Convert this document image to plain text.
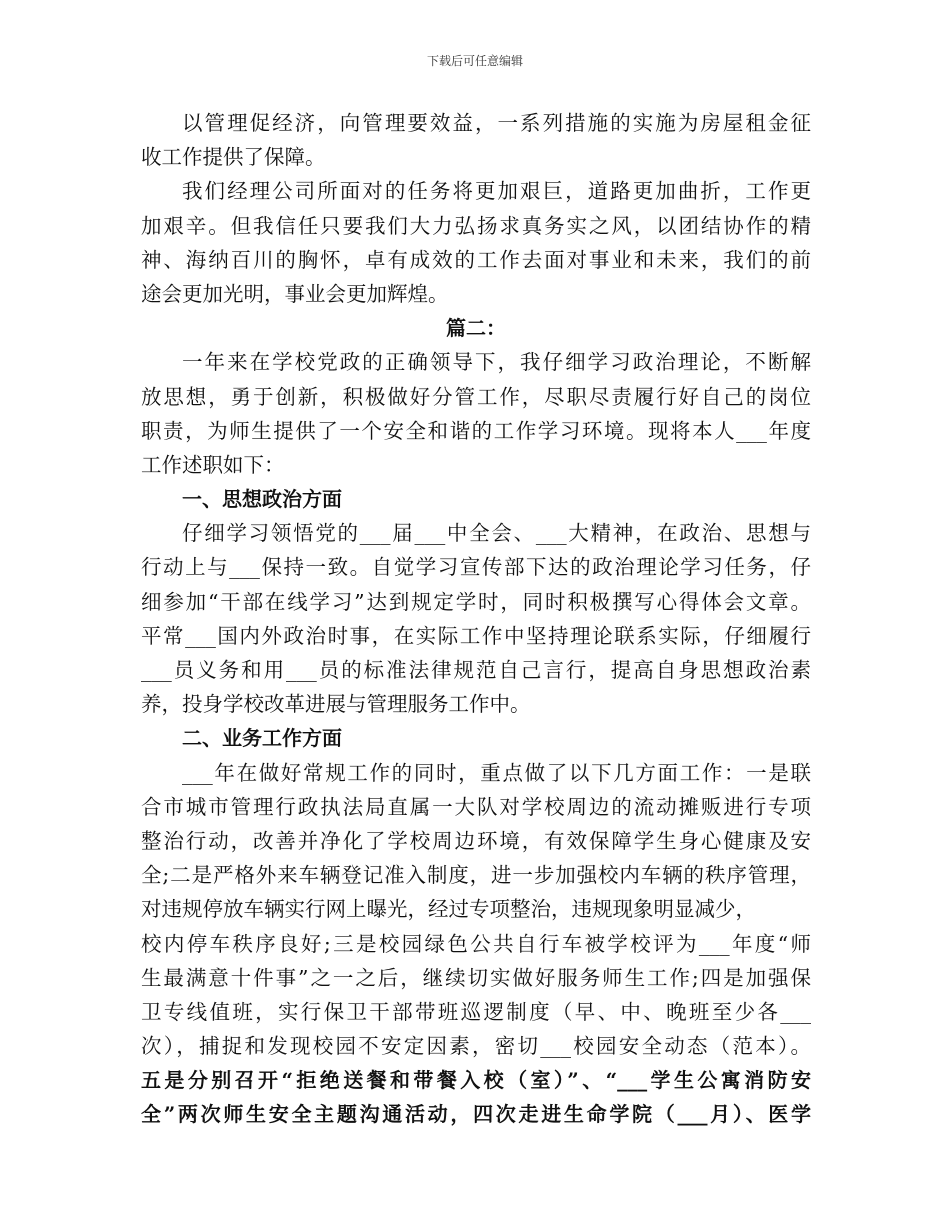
下载后可任意编辑
以管理促经济，向管理要效益，一系列措施的实施为房屋租金征
收工作提供了保障。
我们经理公司所面对的任务将更加艰巨，道路更加曲折，工作更
加艰辛。但我信任只要我们大力弘扬求真务实之风，以团结协作的精
神、海纳百川的胸怀，卓有成效的工作去面对事业和未来，我们的前
途会更加光明，事业会更加辉煌。
篇二：
一年来在学校党政的正确领导下，我仔细学习政治理论，不断解
放思想，勇于创新，积极做好分管工作，尽职尽责履行好自己的岗位
职责，为师生提供了一个安全和谐的工作学习环境。现将本人___年度
工作述职如下：
一、思想政治方面
仔细学习领悟党的___届___中全会、___大精神，在政治、思想与
行动上与___保持一致。自觉学习宣传部下达的政治理论学习任务，仔
细参加“干部在线学习”达到规定学时，同时积极撰写心得体会文章。
平常___国内外政治时事，在实际工作中坚持理论联系实际，仔细履行
___员义务和用___员的标准法律规范自己言行，提高自身思想政治素
养，投身学校改革进展与管理服务工作中。
二、业务工作方面
___年在做好常规工作的同时，重点做了以下几方面工作：一是联
合市城市管理行政执法局直属一大队对学校周边的流动摊贩进行专项
整治行动，改善并净化了学校周边环境，有效保障学生身心健康及安
全;二是严格外来车辆登记准入制度，进一步加强校内车辆的秩序管理，
对违规停放车辆实行网上曝光，经过专项整治，违规现象明显减少，
校内停车秩序良好;三是校园绿色公共自行车被学校评为___年度“师
生最满意十件事”之一之后，继续切实做好服务师生工作;四是加强保
卫专线值班，实行保卫干部带班巡逻制度（早、中、晚班至少各___
次），捕捉和发现校园不安定因素，密切___校园安全动态（范本）。
五是分别召开“拒绝送餐和带餐入校（室）”、“___学生公寓消防安
全”两次师生安全主题沟通活动，四次走进生命学院（___月）、医学
